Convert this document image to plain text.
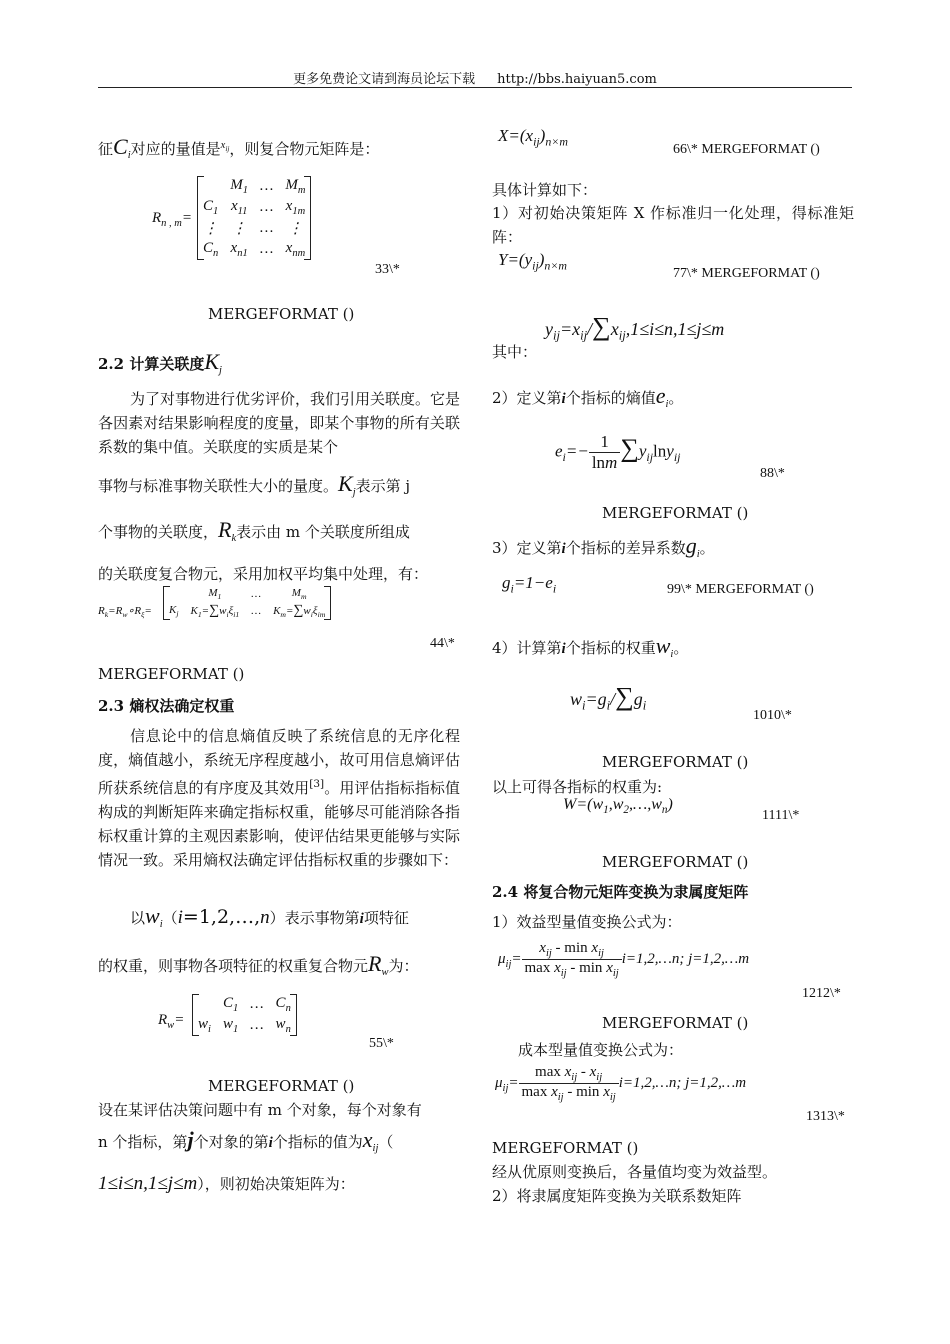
更多免费论文请到海员论坛下载 http://bbs.haiyuan5.com
征$C_i$对应的量值是$^{x_{ij}}$，则复合物元矩阵是：
$R_{n , m}=$
	$M_1$	…	$M_m$
$C_1$	$x_{11}$	…	$x_{1m}$
⋮	⋮	…	⋮
$C_n$	$x_{n1}$	…	$x_{nm}$
33\*
MERGEFORMAT ()
2.2 计算关联度$K_j$
为了对事物进行优劣评价，我们引用关联度。它是各因素对结果影响程度的度量，即某个事物的所有关联系数的集中值。关联度的实质是某个
事物与标准事物关联性大小的量度。$K_j$表示第 j
个事物的关联度，$R_k$表示由 m 个关联度所组成
的关联度复合物元，采用加权平均集中处理，有：
$R_k=R_w\circ R_\xi=$
	$M_1$	…	$M_m$
$K_j$	$K_1=\sum w_i\xi_{i1}$	…	$K_m=\sum w_i\xi_{im}$
44\*
MERGEFORMAT ()
2.3 熵权法确定权重
信息论中的信息熵值反映了系统信息的无序化程度，熵值越小，系统无序程度越小，故可用信息熵评估所获系统信息的有序度及其效用[3]。用评估指标指标值构成的判断矩阵来确定指标权重，能够尽可能消除各指标权重计算的主观因素影响，使评估结果更能够与实际情况一致。采用熵权法确定评估指标权重的步骤如下：
以$w_i(i=1,2,\dots,n)$表示事物第i项特征
的权重，则事物各项特征的权重复合物元$R_w$为：
$R_w=$
	$C_1$	…	$C_n$
$w_i$	$w_1$	…	$w_n$
55\*
MERGEFORMAT ()
设在某评估决策问题中有 m 个对象，每个对象有
n 个指标，第j个对象的第i个指标的值为$x_{ij}$（
1≤i≤n,1≤j≤m），则初始决策矩阵为：
$X=(x_{ij})_{n\times m}$
66\* MERGEFORMAT ()
具体计算如下：
1）对初始决策矩阵 X 作标准归一化处理，得标准矩阵：
$Y=(y_{ij})_{n\times m}$
77\* MERGEFORMAT ()
其中：
$y_{ij}=x_{ij}/\sum x_{ij},1\le i\le n,1\le j\le m$
2）定义第i个指标的熵值$e_i$。
$e_i=- \frac{1}{\ln m} \sum y_{ij}\ln y_{ij}$
88\*
MERGEFORMAT ()
3）定义第i个指标的差异系数$g_i$。
$g_i=1-e_i$	99\* MERGEFORMAT ()
4）计算第i个指标的权重$w_i$。
$w_i=g_i/\sum g_i$
1010\*
MERGEFORMAT ()
以上可得各指标的权重为:
$W=(w_1,w_2,\dots,w_n)$
1111\*
MERGEFORMAT ()
2.4 将复合物元矩阵变换为隶属度矩阵
1）效益型量值变换公式为：
$\mu_{ij}= \frac{x_{ij} - \min x_{ij}}{\max x_{ij} - \min x_{ij}}$ i=1,2,…n; j=1,2,…m
1212\*
MERGEFORMAT ()
成本型量值变换公式为：
$\mu_{ij}= \frac{\max x_{ij} - x_{ij}}{\max x_{ij} - \min x_{ij}}$ i=1,2,…n; j=1,2,…m
1313\*
MERGEFORMAT ()
经从优原则变换后，各量值均变为效益型。
2）将隶属度矩阵变换为关联系数矩阵
